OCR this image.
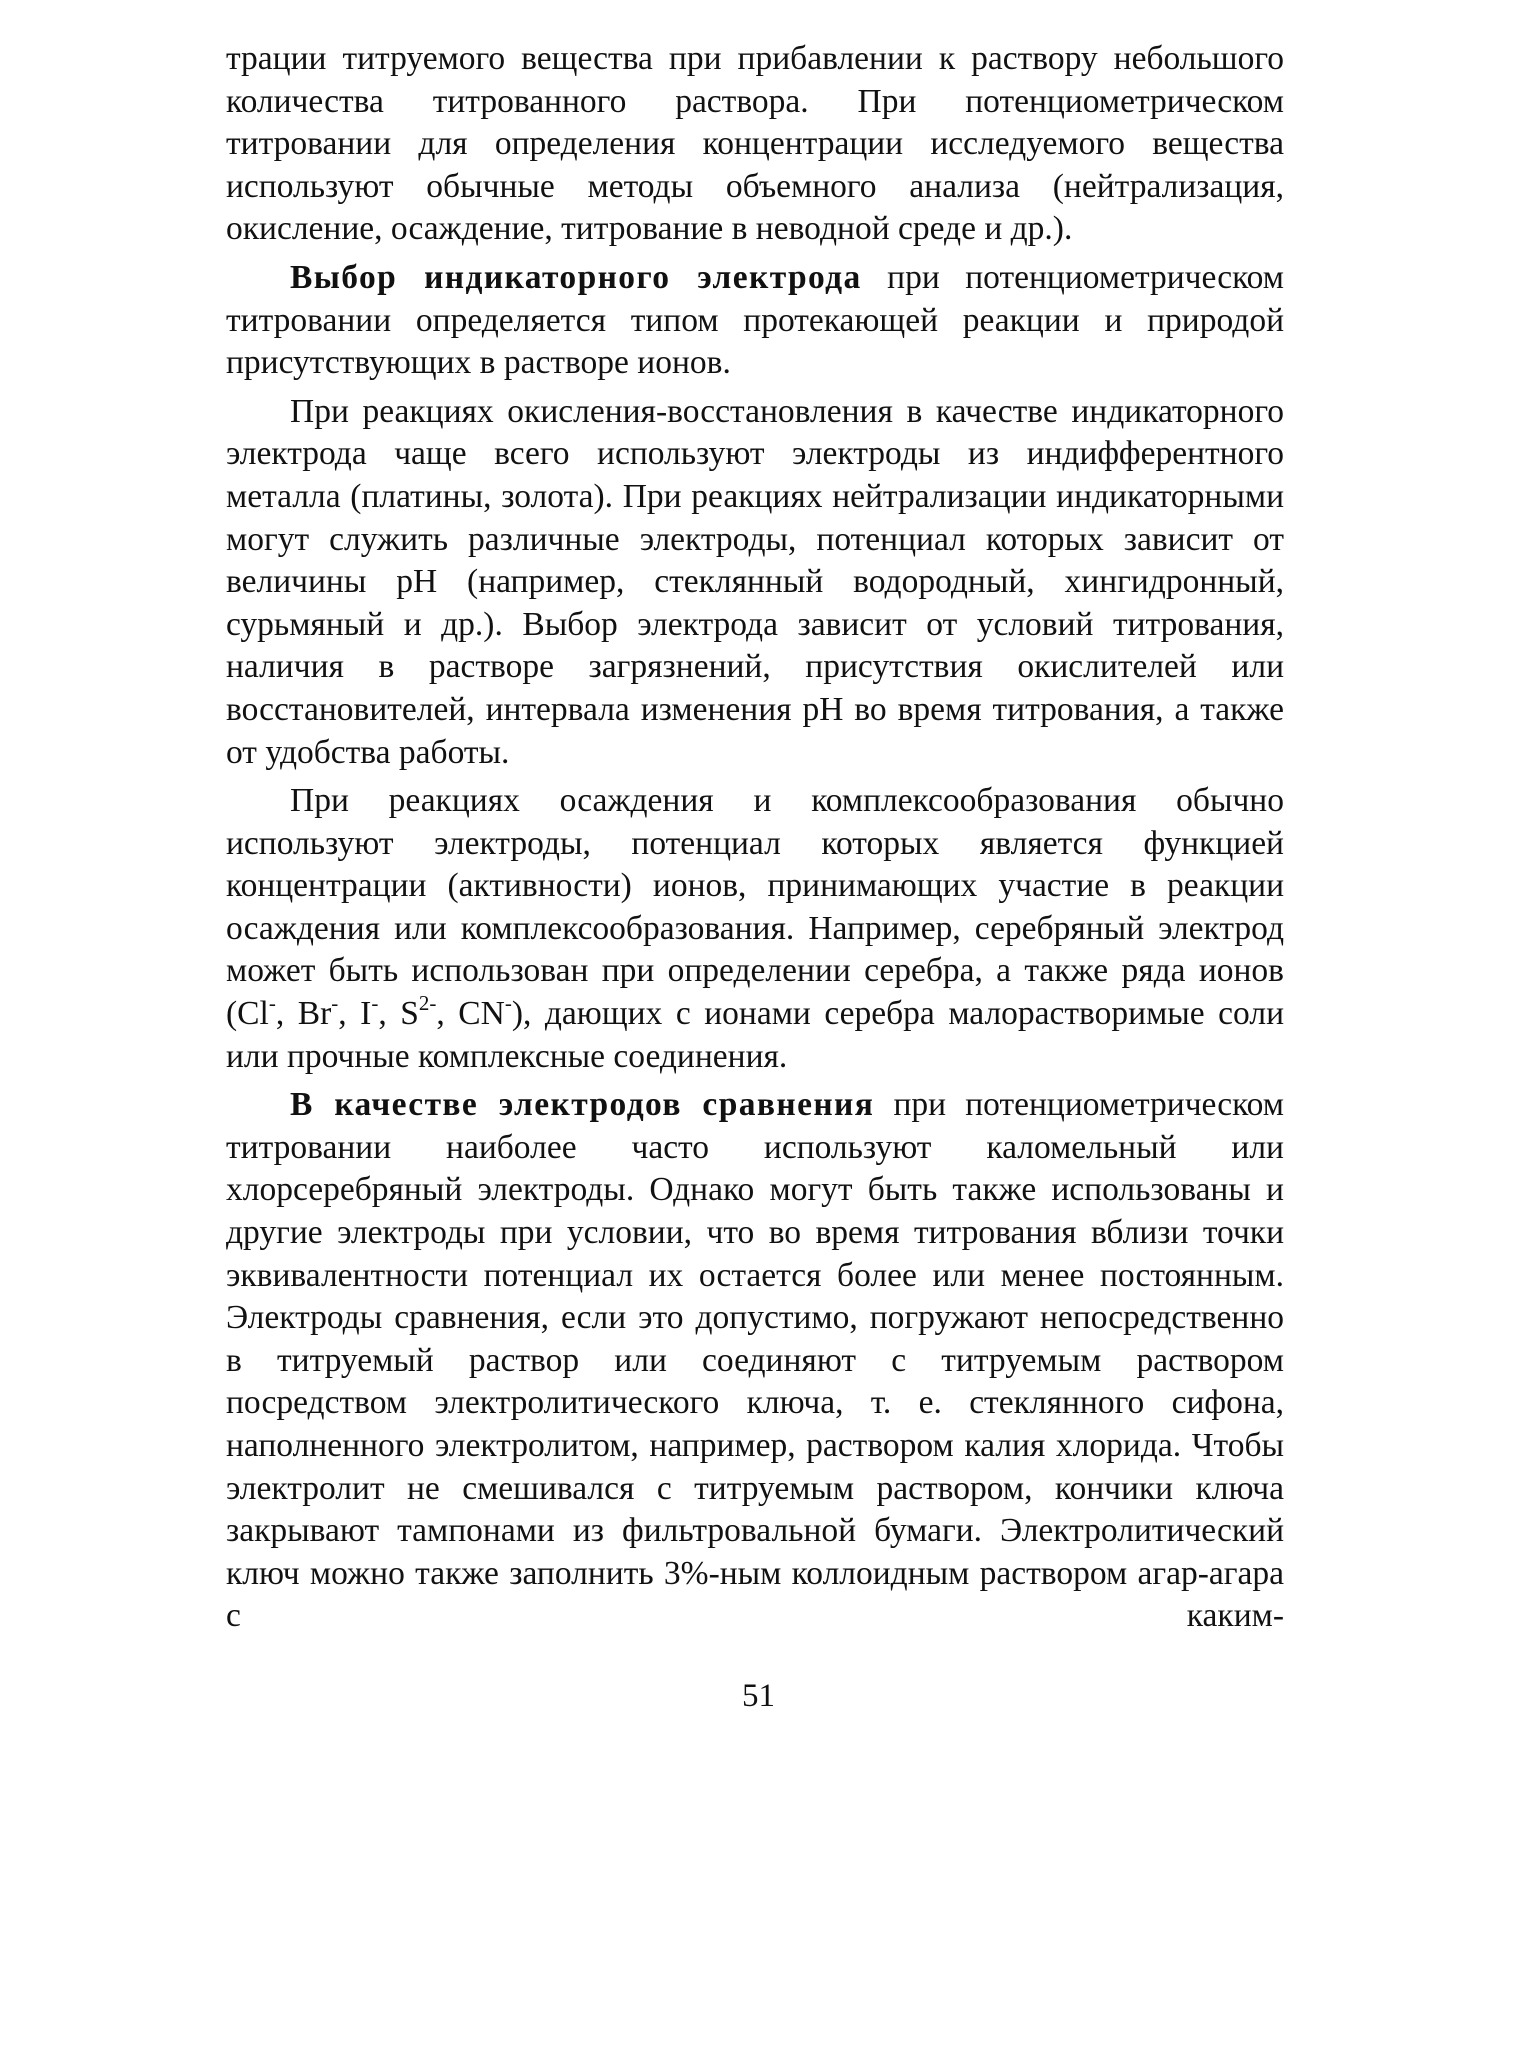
трации титруемого вещества при прибавлении к раствору небольшого количества титрованного раствора. При потенциометрическом титровании для определения концентрации исследуемого вещества используют обычные методы объемного анализа (нейтрализация, окисление, осаждение, титрование в неводной среде и др.).

Выбор индикаторного электрода при потенциометрическом титровании определяется типом протекающей реакции и природой присутствующих в растворе ионов.

При реакциях окисления-восстановления в качестве индикаторного электрода чаще всего используют электроды из индифферентного металла (платины, золота). При реакциях нейтрализации индикаторными могут служить различные электроды, потенциал которых зависит от величины pH (например, стеклянный водородный, хингидронный, сурьмяный и др.). Выбор электрода зависит от условий титрования, наличия в растворе загрязнений, присутствия окислителей или восстановителей, интервала изменения pH во время титрования, а также от удобства работы.

При реакциях осаждения и комплексообразования обычно используют электроды, потенциал которых является функцией концентрации (активности) ионов, принимающих участие в реакции осаждения или комплексообразования. Например, серебряный электрод может быть использован при определении серебра, а также ряда ионов (Cl-, Br-, I-, $S^{2-}$, CN-), дающих с ионами серебра малорастворимые соли или прочные комплексные соединения.

В качестве электродов сравнения при потенциометрическом титровании наиболее часто используют каломельный или хлорсеребряный электроды. Однако могут быть также использованы и другие электроды при условии, что во время титрования вблизи точки эквивалентности потенциал их остается более или менее постоянным. Электроды сравнения, если это допустимо, погружают непосредственно в титруемый раствор или соединяют с титруемым раствором посредством электролитического ключа, т. е. стеклянного сифона, наполненного электролитом, например, раствором калия хлорида. Чтобы электролит не смешивался с титруемым раствором, кончики ключа закрывают тампонами из фильтровальной бумаги. Электролитический ключ можно также заполнить 3%-ным коллоидным раствором агар-агара с каким-

51
